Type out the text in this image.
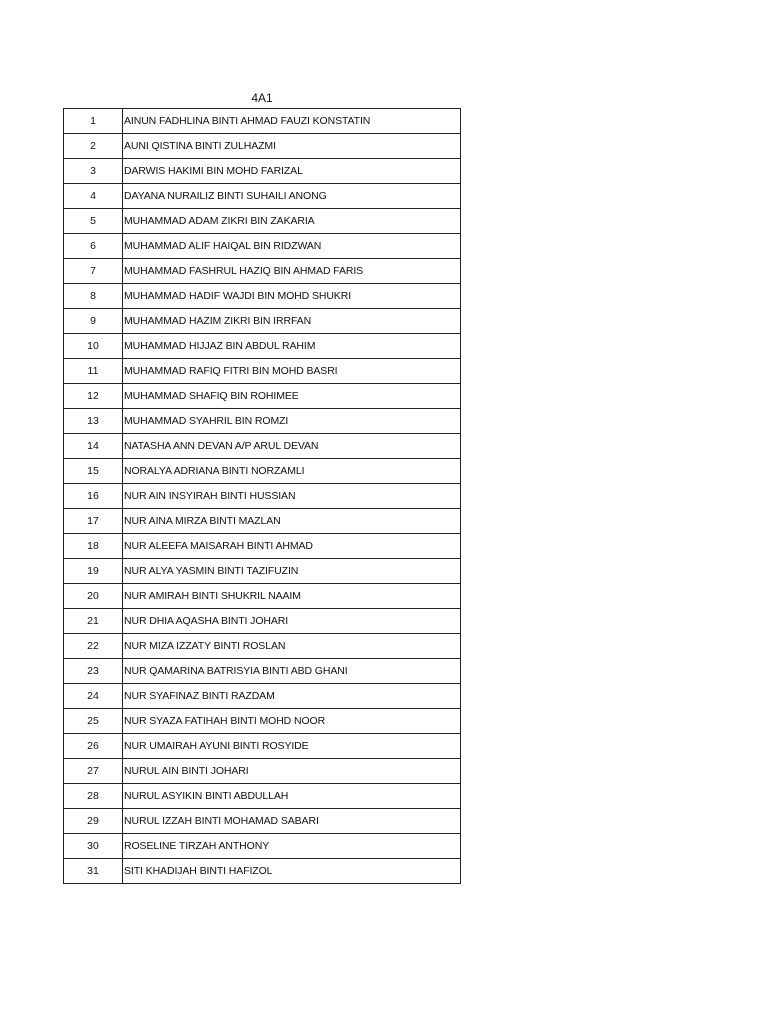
4A1
1	AINUN FADHLINA BINTI AHMAD FAUZI KONSTATIN
2	AUNI QISTINA BINTI ZULHAZMI
3	DARWIS HAKIMI BIN MOHD FARIZAL
4	DAYANA NURAILIZ BINTI SUHAILI ANONG
5	MUHAMMAD ADAM ZIKRI BIN ZAKARIA
6	MUHAMMAD ALIF HAIQAL BIN RIDZWAN
7	MUHAMMAD FASHRUL HAZIQ BIN AHMAD FARIS
8	MUHAMMAD HADIF WAJDI BIN MOHD SHUKRI
9	MUHAMMAD HAZIM ZIKRI BIN IRRFAN
10	MUHAMMAD HIJJAZ BIN ABDUL RAHIM
11	MUHAMMAD RAFIQ FITRI BIN MOHD BASRI
12	MUHAMMAD SHAFIQ BIN ROHIMEE
13	MUHAMMAD SYAHRIL BIN ROMZI
14	NATASHA ANN DEVAN A/P ARUL DEVAN
15	NORALYA ADRIANA BINTI NORZAMLI
16	NUR AIN INSYIRAH BINTI HUSSIAN
17	NUR AINA MIRZA BINTI MAZLAN
18	NUR ALEEFA MAISARAH BINTI AHMAD
19	NUR ALYA YASMIN BINTI TAZIFUZIN
20	NUR AMIRAH BINTI SHUKRIL NAAIM
21	NUR DHIA AQASHA BINTI JOHARI
22	NUR MIZA IZZATY BINTI ROSLAN
23	NUR QAMARINA BATRISYIA BINTI ABD GHANI
24	NUR SYAFINAZ BINTI RAZDAM
25	NUR SYAZA FATIHAH BINTI MOHD NOOR
26	NUR UMAIRAH AYUNI BINTI ROSYIDE
27	NURUL AIN BINTI JOHARI
28	NURUL ASYIKIN BINTI ABDULLAH
29	NURUL IZZAH BINTI MOHAMAD SABARI
30	ROSELINE TIRZAH ANTHONY
31	SITI KHADIJAH BINTI HAFIZOL
